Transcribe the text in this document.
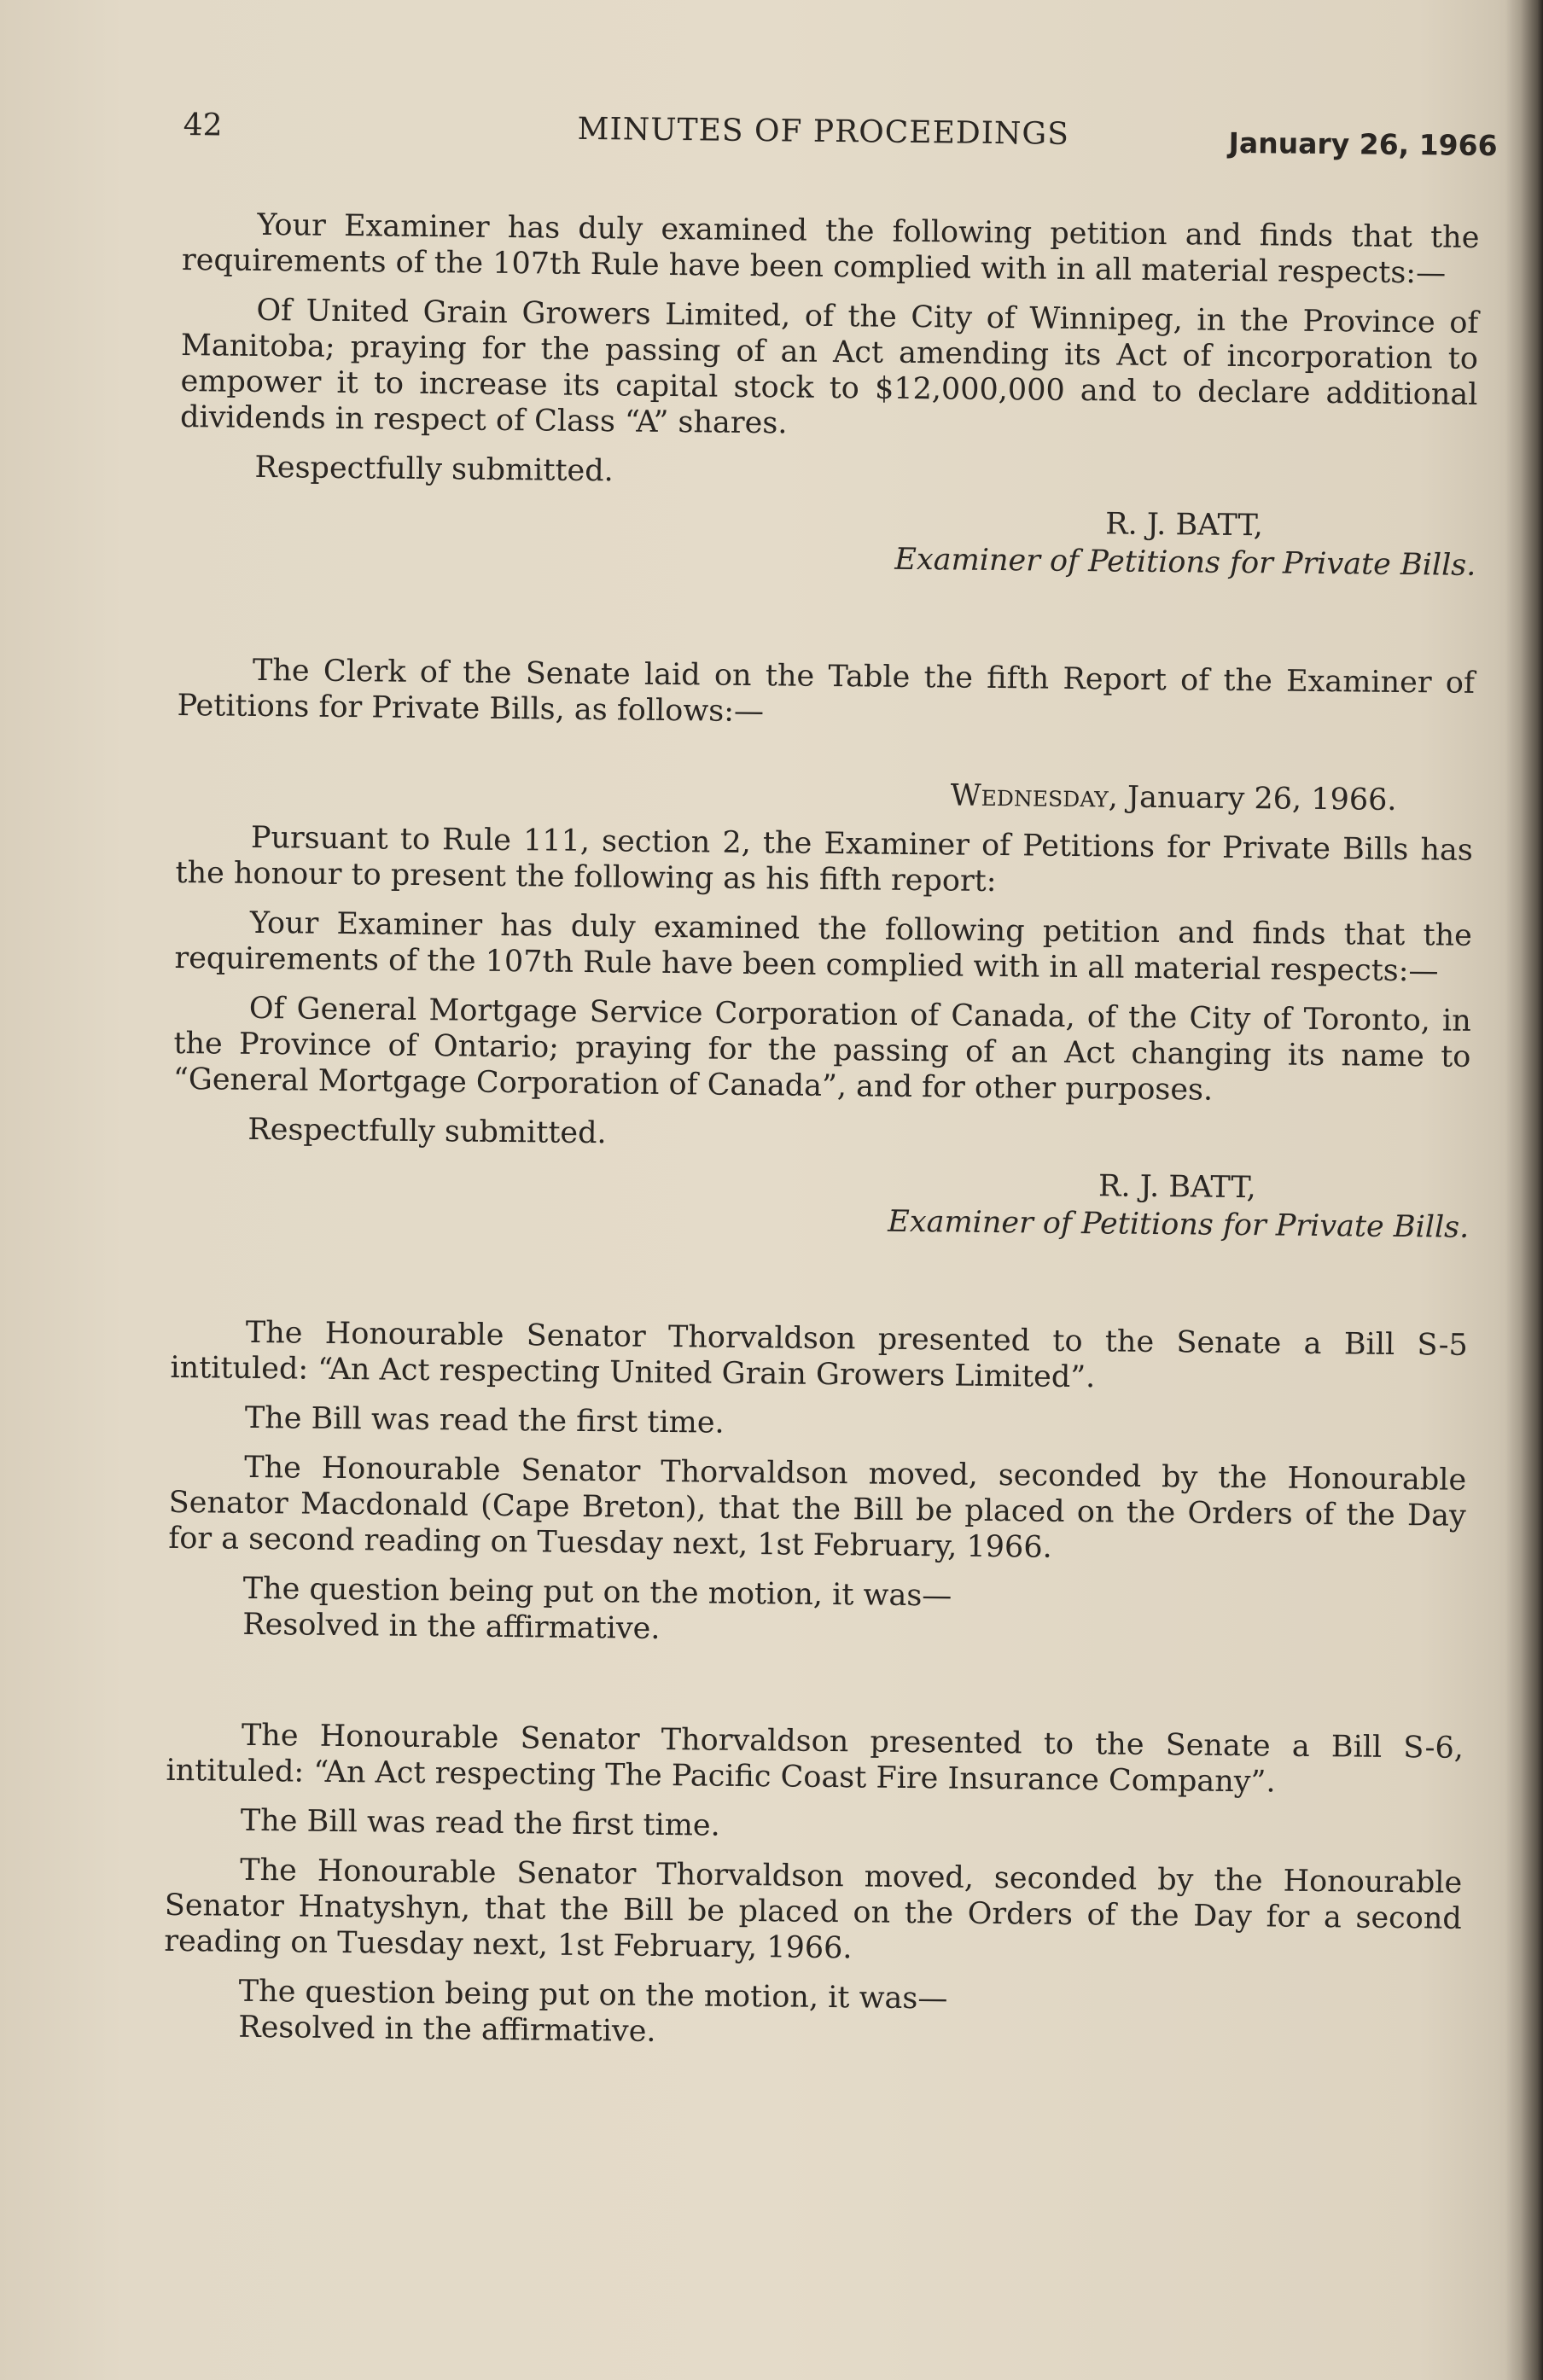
42	MINUTES OF PROCEEDINGS	January 26, 1966

Your Examiner has duly examined the following petition and finds that the requirements of the 107th Rule have been complied with in all material respects:—

Of United Grain Growers Limited, of the City of Winnipeg, in the Province of Manitoba; praying for the passing of an Act amending its Act of incorporation to empower it to increase its capital stock to $12,000,000 and to declare additional dividends in respect of Class “A” shares.

Respectfully submitted.

R. J. BATT,

Examiner of Petitions for Private Bills.

The Clerk of the Senate laid on the Table the fifth Report of the Examiner of Petitions for Private Bills, as follows:—

Wednesday, January 26, 1966.

Pursuant to Rule 111, section 2, the Examiner of Petitions for Private Bills has the honour to present the following as his fifth report:

Your Examiner has duly examined the following petition and finds that the requirements of the 107th Rule have been complied with in all material respects:—

Of General Mortgage Service Corporation of Canada, of the City of Toronto, in the Province of Ontario; praying for the passing of an Act changing its name to “General Mortgage Corporation of Canada”, and for other purposes.

Respectfully submitted.

R. J. BATT,

Examiner of Petitions for Private Bills.

The Honourable Senator Thorvaldson presented to the Senate a Bill S-5 intituled: “An Act respecting United Grain Growers Limited”.

The Bill was read the first time.

The Honourable Senator Thorvaldson moved, seconded by the Honourable Senator Macdonald (Cape Breton), that the Bill be placed on the Orders of the Day for a second reading on Tuesday next, 1st February, 1966.

The question being put on the motion, it was—

Resolved in the affirmative.

The Honourable Senator Thorvaldson presented to the Senate a Bill S-6, intituled: “An Act respecting The Pacific Coast Fire Insurance Company”.

The Bill was read the first time.

The Honourable Senator Thorvaldson moved, seconded by the Honourable Senator Hnatyshyn, that the Bill be placed on the Orders of the Day for a second reading on Tuesday next, 1st February, 1966.

The question being put on the motion, it was—

Resolved in the affirmative.
